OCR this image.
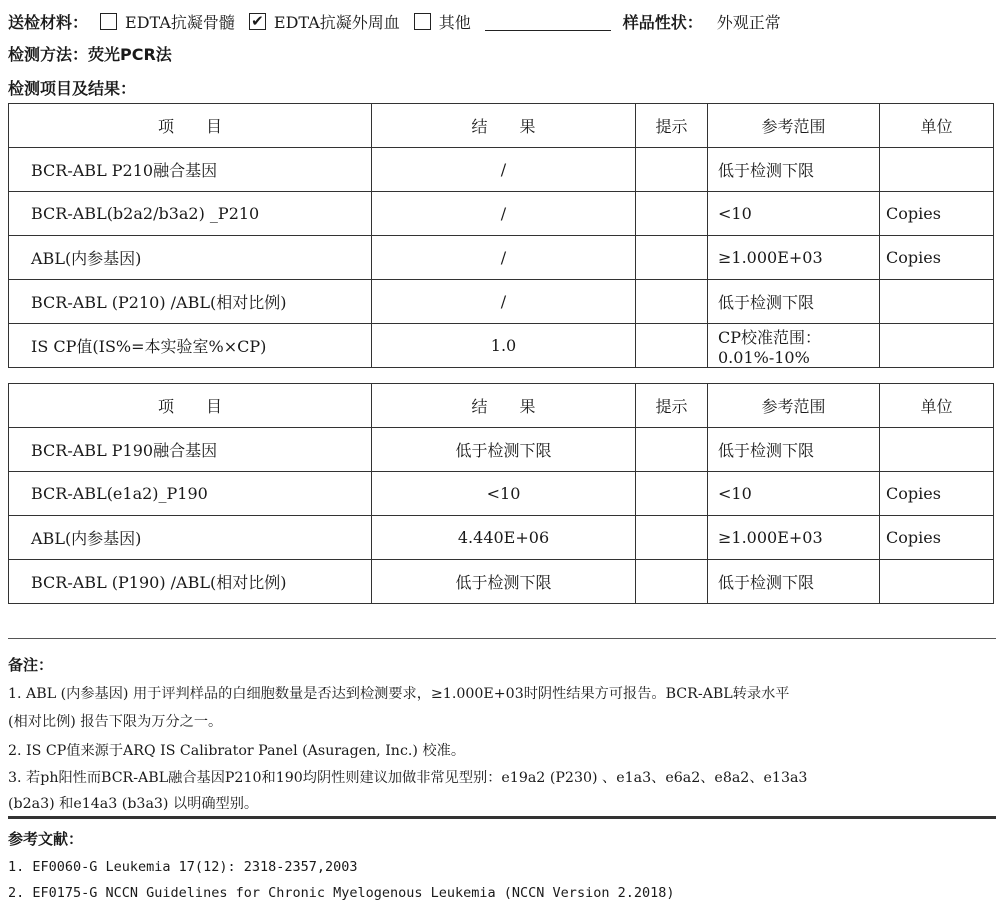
送检材料： EDTA抗凝骨髓 ✔ EDTA抗凝外周血 其他	样品性状： 外观正常
检测方法：荧光PCR法
检测项目及结果：
项　　目	结　　果	提示	参考范围	单位
BCR-ABL P210融合基因	/		低于检测下限	
BCR-ABL(b2a2/b3a2) _P210	/		<10	Copies
ABL(内参基因)	/		≥1.000E+03	Copies
BCR-ABL (P210) /ABL(相对比例)	/		低于检测下限	
IS CP值(IS%=本实验室%×CP)	1.0		CP校准范围：0.01%-10%	
项　　目	结　　果	提示	参考范围	单位
BCR-ABL P190融合基因	低于检测下限		低于检测下限	
BCR-ABL(e1a2)_P190	<10		<10	Copies
ABL(内参基因)	4.440E+06		≥1.000E+03	Copies
BCR-ABL (P190) /ABL(相对比例)	低于检测下限		低于检测下限	
备注：
1. ABL (内参基因) 用于评判样品的白细胞数量是否达到检测要求，≥1.000E+03时阴性结果方可报告。BCR-ABL转录水平
(相对比例) 报告下限为万分之一。
2. IS CP值来源于ARQ IS Calibrator Panel (Asuragen, Inc.) 校准。
3. 若ph阳性而BCR-ABL融合基因P210和190均阴性则建议加做非常见型别：e19a2 (P230) 、e1a3、e6a2、e8a2、e13a3
(b2a3) 和e14a3 (b3a3) 以明确型别。
参考文献：
1. EF0060-G Leukemia 17(12): 2318-2357,2003
2. EF0175-G NCCN Guidelines for Chronic Myelogenous Leukemia (NCCN Version 2.2018)
